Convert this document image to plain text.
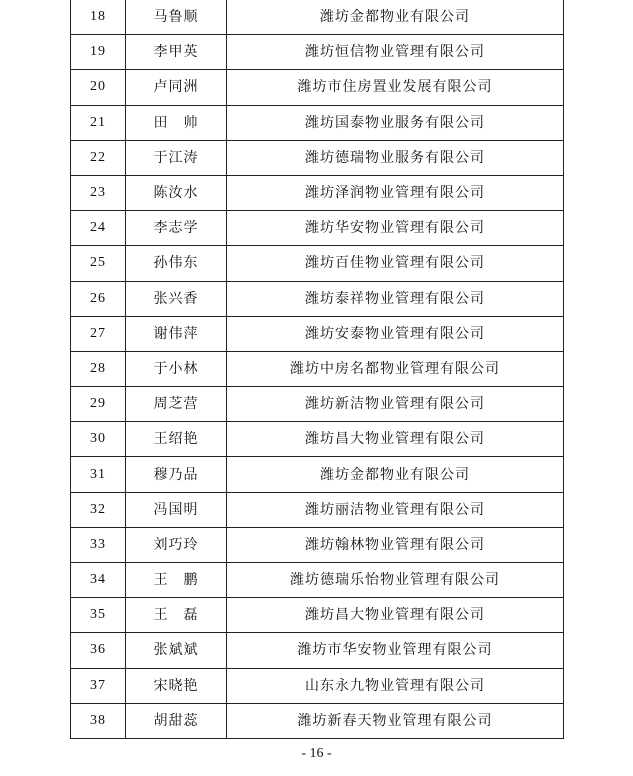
18	马鲁顺	潍坊金都物业有限公司
19	李甲英	潍坊恒信物业管理有限公司
20	卢同洲	潍坊市住房置业发展有限公司
21	田　帅	潍坊国泰物业服务有限公司
22	于江涛	潍坊德瑞物业服务有限公司
23	陈汝水	潍坊泽润物业管理有限公司
24	李志学	潍坊华安物业管理有限公司
25	孙伟东	潍坊百佳物业管理有限公司
26	张兴香	潍坊泰祥物业管理有限公司
27	谢伟萍	潍坊安泰物业管理有限公司
28	于小林	潍坊中房名都物业管理有限公司
29	周芝营	潍坊新洁物业管理有限公司
30	王绍艳	潍坊昌大物业管理有限公司
31	穆乃品	潍坊金都物业有限公司
32	冯国明	潍坊丽洁物业管理有限公司
33	刘巧玲	潍坊翰林物业管理有限公司
34	王　鹏	潍坊德瑞乐怡物业管理有限公司
35	王　磊	潍坊昌大物业管理有限公司
36	张斌斌	潍坊市华安物业管理有限公司
37	宋晓艳	山东永九物业管理有限公司
38	胡甜蕊	潍坊新春天物业管理有限公司
- 16 -
